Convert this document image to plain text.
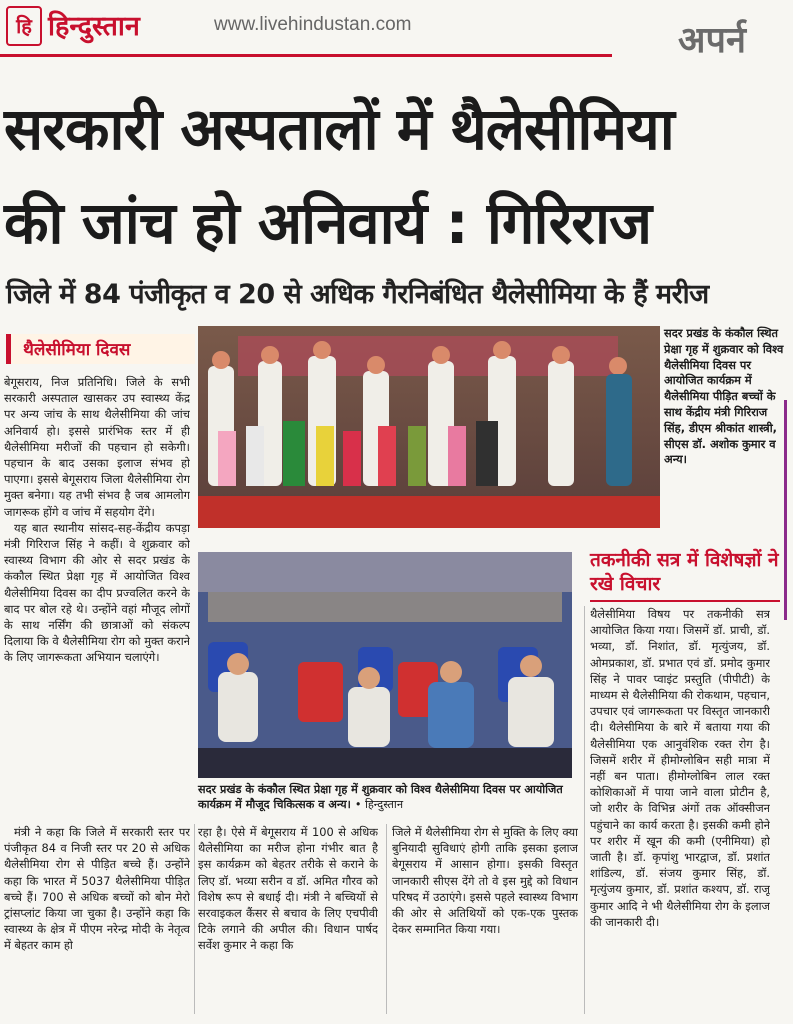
हि हिन्दुस्तान	www.livehindustan.com	अपर्न
सरकारी अस्पतालों में थैलेसीमिया
की जांच हो अनिवार्य : गिरिराज
जिले में 84 पंजीकृत व 20 से अधिक गैरनिबंधित थैलेसीमिया के हैं मरीज
थैलेसीमिया दिवस

बेगूसराय, निज प्रतिनिधि। जिले के सभी सरकारी अस्पताल खासकर उप स्वास्थ्य केंद्र पर अन्य जांच के साथ थैलेसीमिया की जांच अनिवार्य हो। इससे प्रारंभिक स्तर में ही थैलेसीमिया मरीजों की पहचान हो सकेगी। पहचान के बाद उसका इलाज संभव हो पाएगा। इससे बेगूसराय जिला थैलेसीमिया रोग मुक्त बनेगा। यह तभी संभव है जब आमलोग जागरूक होंगे व जांच में सहयोग देंगे।

यह बात स्थानीय सांसद-सह-केंद्रीय कपड़ा मंत्री गिरिराज सिंह ने कहीं। वे शुक्रवार को स्वास्थ्य विभाग की ओर से सदर प्रखंड के कंकौल स्थित प्रेक्षा गृह में आयोजित विश्व थैलेसीमिया दिवस का दीप प्रज्वलित करने के बाद पर बोल रहे थे। उन्होंने वहां मौजूद लोगों के साथ नर्सिंग की छात्राओं को संकल्प दिलाया कि वे थैलेसीमिया रोग को मुक्त कराने के लिए जागरूकता अभियान चलाएंगे।

सदर प्रखंड के कंकौल स्थित प्रेक्षा गृह में शुक्रवार को विश्व थैलेसीमिया दिवस पर आयोजित कार्यक्रम में थैलेसीमिया पीड़ित बच्चों के साथ केंद्रीय मंत्री गिरिराज सिंह, डीएम श्रीकांत शास्त्री, सीएस डॉ. अशोक कुमार व अन्य।
सदर प्रखंड के कंकौल स्थित प्रेक्षा गृह में शुक्रवार को विश्व थैलेसीमिया दिवस पर आयोजित कार्यक्रम में मौजूद चिकित्सक व अन्य। • हिन्दुस्तान
तकनीकी सत्र में विशेषज्ञों ने रखे विचार

मंत्री ने कहा कि जिले में सरकारी स्तर पर पंजीकृत 84 व निजी स्तर पर 20 से अधिक थैलेसीमिया रोग से पीड़ित बच्चे हैं। उन्होंने कहा कि भारत में 5037 थैलेसीमिया पीड़ित बच्चे हैं। 700 से अधिक बच्चों को बोन मेरो ट्रांसप्लांट किया जा चुका है। उन्होंने कहा कि स्वास्थ्य के क्षेत्र में पीएम नरेन्द्र मोदी के नेतृत्व में बेहतर काम हो

रहा है। ऐसे में बेगूसराय में 100 से अधिक थैलेसीमिया का मरीज होना गंभीर बात है इस कार्यक्रम को बेहतर तरीके से कराने के लिए डॉ. भव्या सरीन व डॉ. अमित गौरव को विशेष रूप से बधाई दी। मंत्री ने बच्चियों से सरवाइकल कैंसर से बचाव के लिए एचपीवी टिके लगाने की अपील की। विधान पार्षद सर्वेश कुमार ने कहा कि

जिले में थैलेसीमिया रोग से मुक्ति के लिए क्या बुनियादी सुविधाएं होगी ताकि इसका इलाज बेगूसराय में आसान होगा। इसकी विस्तृत जानकारी सीएस देंगे तो वे इस मुद्दे को विधान परिषद में उठाएंगे। इससे पहले स्वास्थ्य विभाग की ओर से अतिथियों को एक-एक पुस्तक देकर सम्मानित किया गया।

थैलेसीमिया विषय पर तकनीकी सत्र आयोजित किया गया। जिसमें डॉ. प्राची, डॉ. भव्या, डॉ. निशांत, डॉ. मृत्युंजय, डॉ. ओमप्रकाश, डॉ. प्रभात एवं डॉ. प्रमोद कुमार सिंह ने पावर प्वाइंट प्रस्तुति (पीपीटी) के माध्यम से थैलेसीमिया की रोकथाम, पहचान, उपचार एवं जागरूकता पर विस्तृत जानकारी दी। थैलेसीमिया के बारे में बताया गया की थैलेसीमिया एक आनुवंशिक रक्त रोग है। जिसमें शरीर में हीमोग्लोबिन सही मात्रा में नहीं बन पाता। हीमोग्लोबिन लाल रक्त कोशिकाओं में पाया जाने वाला प्रोटीन है, जो शरीर के विभिन्न अंगों तक ऑक्सीजन पहुंचाने का कार्य करता है। इसकी कमी होने पर शरीर में खून की कमी (एनीमिया) हो जाती है। डॉ. कृपांशु भारद्वाज, डॉ. प्रशांत शांडिल्य, डॉ. संजय कुमार सिंह, डॉ. मृत्युंजय कुमार, डॉ. प्रशांत कश्यप, डॉ. राजू कुमार आदि ने भी थैलेसीमिया रोग के इलाज की जानकारी दी।
